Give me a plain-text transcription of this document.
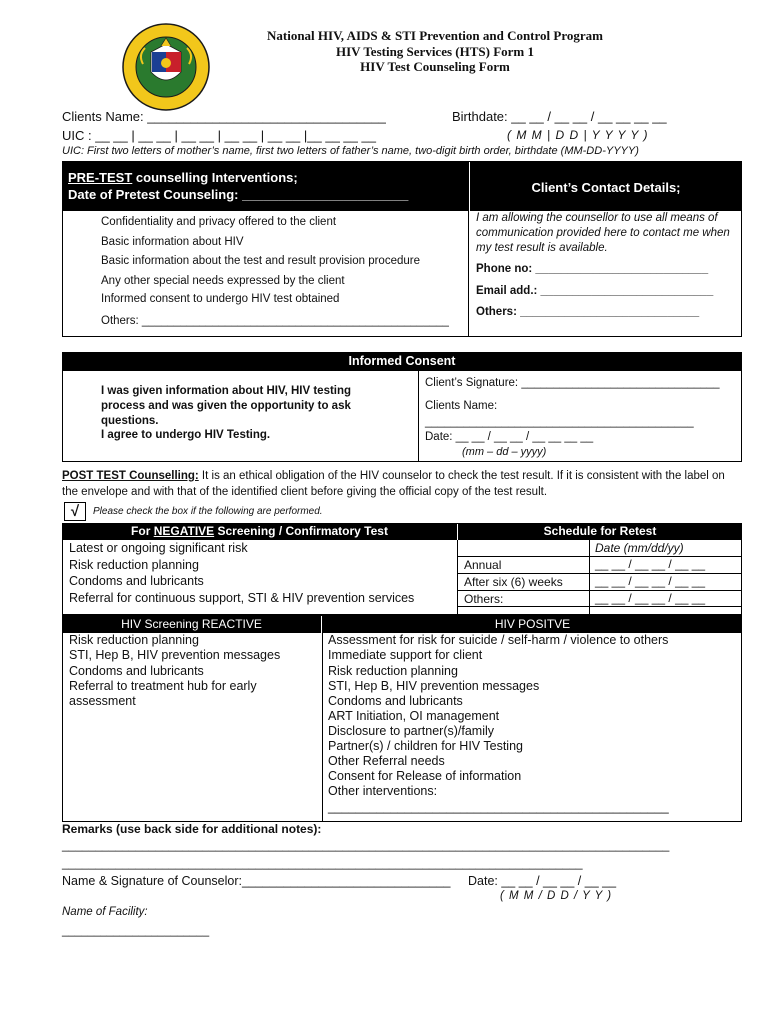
National HIV, AIDS & STI Prevention and Control Program
HIV Testing Services (HTS) Form 1
HIV Test Counseling Form
Clients Name: _________________________________	Birthdate: __ __ / __ __ / __ __ __ __
UIC : __ __ | __ __ | __ __ | __ __ | __ __ |__ __ __ __	( M M | D D | Y Y Y Y )
UIC: First two letters of mother’s name, first two letters of father’s name, two-digit birth order, birthdate (MM-DD-YYYY)
PRE-TEST counselling Interventions;
Date of Pretest Counseling: _______________________	Client’s Contact Details;
Confidentiality and privacy offered to the client
Basic information about HIV
Basic information about the test and result provision procedure
Any other special needs expressed by the client
Informed consent to undergo HIV test obtained
Others: ________________________________________________
I am allowing the counsellor to use all means of communication provided here to contact me when my test result is available.
Phone no: ___________________________
Email add.: ___________________________
Others: ____________________________
Informed Consent
I was given information about HIV, HIV testing process and was given the opportunity to ask questions.
I agree to undergo HIV Testing.
Client’s Signature: _______________________________
Clients Name:
__________________________________________
Date: __ __ / __ __ / __ __ __ __
(mm – dd – yyyy)
POST TEST Counselling: It is an ethical obligation of the HIV counselor to check the test result. If it is consistent with the label on the envelope and with that of the identified client before giving the official copy of the test result.
√	Please check the box if the following are performed.
For NEGATIVE Screening / Confirmatory Test	Schedule for Retest
Latest or ongoing significant risk
Risk reduction planning
Condoms and lubricants
Referral for continuous support, STI & HIV prevention services
Date (mm/dd/yy)
Annual	__ __ / __ __ / __ __
After six (6) weeks	__ __ / __ __ / __ __
Others:	__ __ / __ __ / __ __
HIV Screening REACTIVE	HIV POSITVE
Risk reduction planning
STI, Hep B, HIV prevention messages
Condoms and lubricants
Referral to treatment hub for early
assessment
Assessment for risk for suicide / self-harm / violence to others
Immediate support for client
Risk reduction planning
STI, Hep B, HIV prevention messages
Condoms and lubricants
ART Initiation, OI management
Disclosure to partner(s)/family
Partner(s) / children for HIV Testing
Other Referral needs
Consent for Release of information
Other interventions:
_________________________________________________
Remarks (use back side for additional notes):
___________________________________________________________________________________________
______________________________________________________________________________
Name & Signature of Counselor:______________________________ Date: __ __ / __ __ / __ __
( M M / D D / Y Y )
Name of Facility:
_______________________
